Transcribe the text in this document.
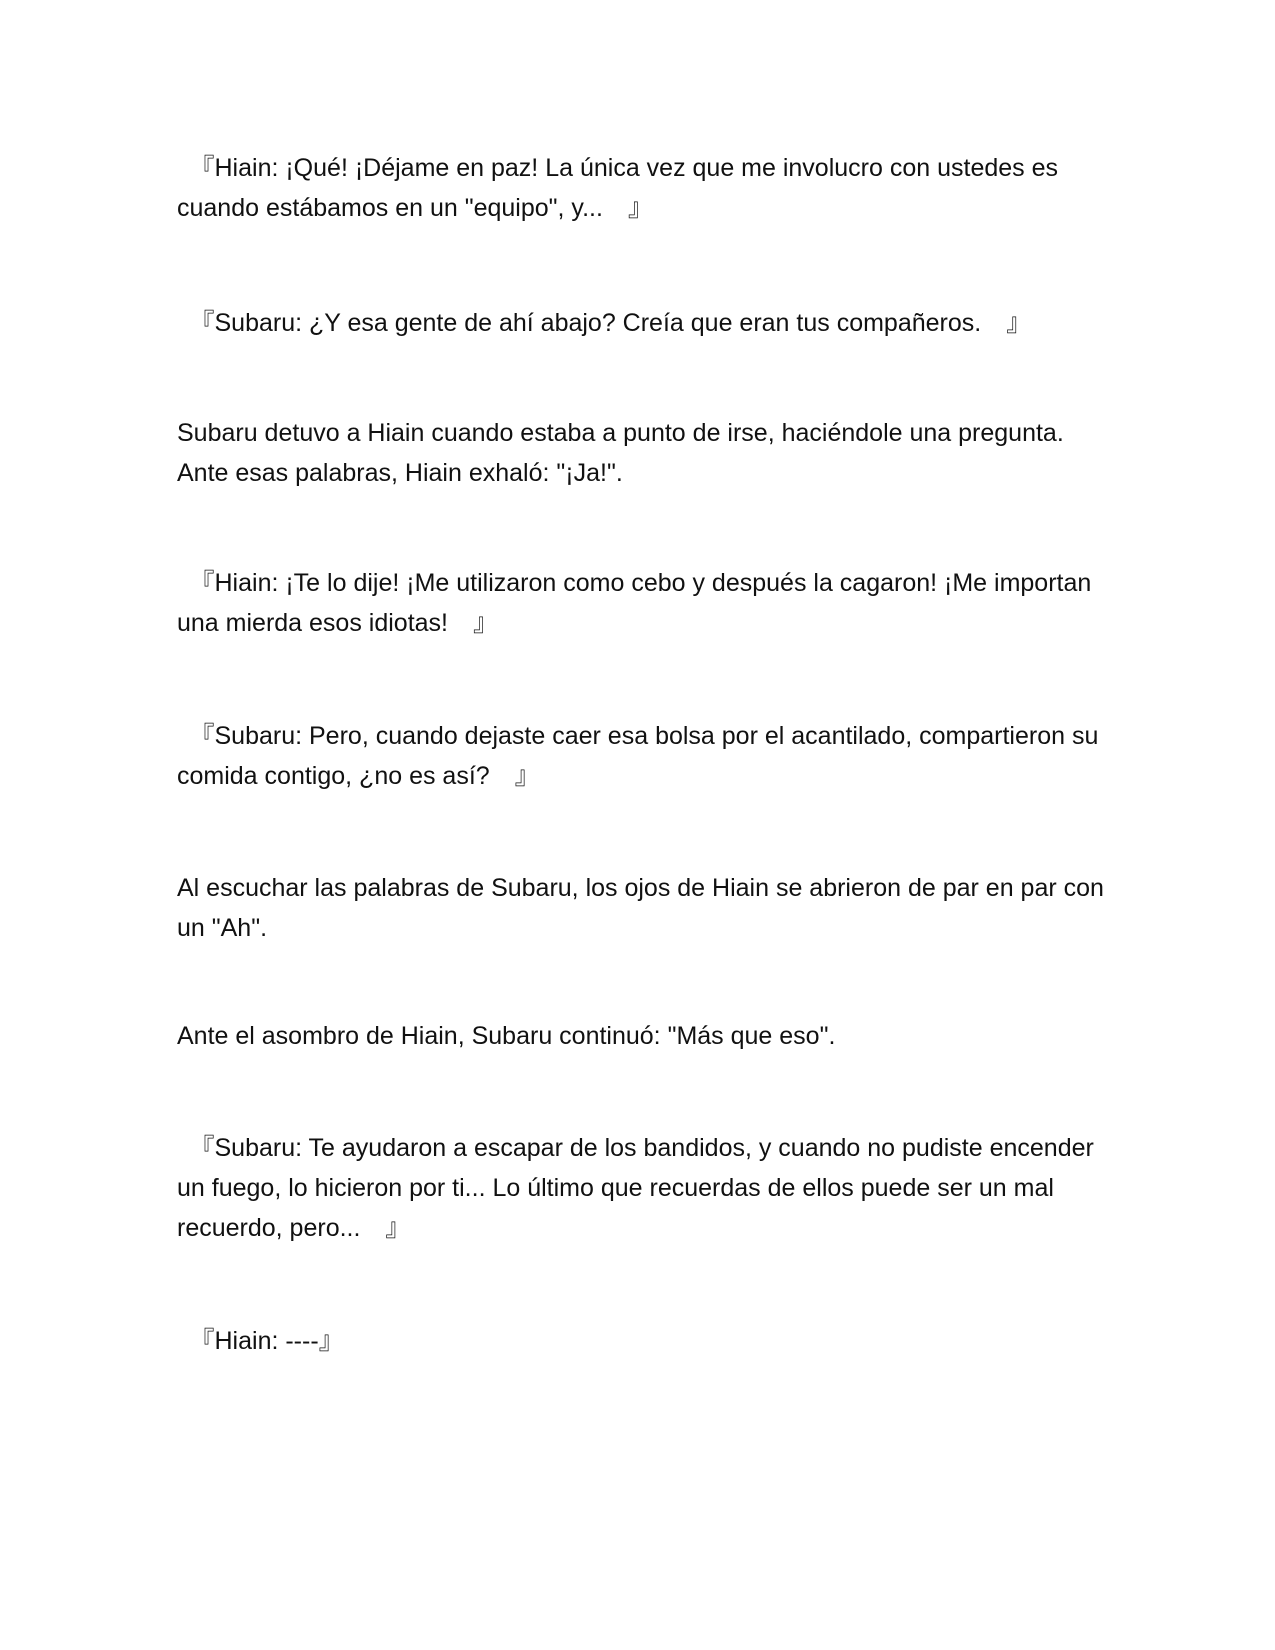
　『Hiain: ¡Qué! ¡Déjame en paz! La única vez que me involucro con ustedes es cuando estábamos en un "equipo", y...　』

　『Subaru: ¿Y esa gente de ahí abajo? Creía que eran tus compañeros.　』

Subaru detuvo a Hiain cuando estaba a punto de irse, haciéndole una pregunta. Ante esas palabras, Hiain exhaló: "¡Ja!".

　『Hiain: ¡Te lo dije! ¡Me utilizaron como cebo y después la cagaron! ¡Me importan una mierda esos idiotas!　』

　『Subaru: Pero, cuando dejaste caer esa bolsa por el acantilado, compartieron su comida contigo, ¿no es así?　』

Al escuchar las palabras de Subaru, los ojos de Hiain se abrieron de par en par con un "Ah".

Ante el asombro de Hiain, Subaru continuó: "Más que eso".

　『Subaru: Te ayudaron a escapar de los bandidos, y cuando no pudiste encender un fuego, lo hicieron por ti... Lo último que recuerdas de ellos puede ser un mal recuerdo, pero...　』

　『Hiain: ----』
